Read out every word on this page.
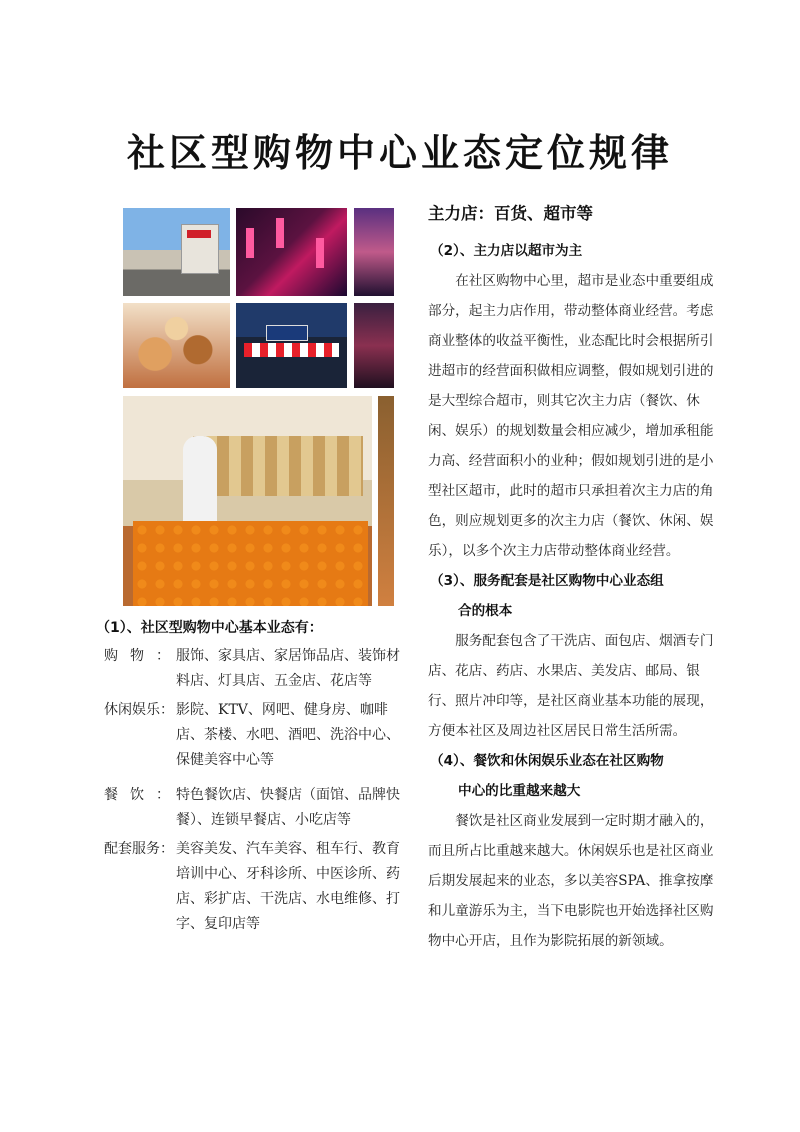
社区型购物中心业态定位规律
（1）、社区型购物中心基本业态有：
购物： 服饰、家具店、家居饰品店、装饰材料店、灯具店、五金店、花店等
休闲娱乐： 影院、KTV、网吧、健身房、咖啡店、茶楼、水吧、酒吧、洗浴中心、保健美容中心等
餐饮： 特色餐饮店、快餐店（面馆、品牌快餐）、连锁早餐店、小吃店等
配套服务： 美容美发、汽车美容、租车行、教育培训中心、牙科诊所、中医诊所、药店、彩扩店、干洗店、水电维修、打字、复印店等
主力店：百货、超市等
（2）、主力店以超市为主
在社区购物中心里，超市是业态中重要组成部分，起主力店作用，带动整体商业经营。考虑商业整体的收益平衡性，业态配比时会根据所引进超市的经营面积做相应调整，假如规划引进的是大型综合超市，则其它次主力店（餐饮、休闲、娱乐）的规划数量会相应减少，增加承租能力高、经营面积小的业种；假如规划引进的是小型社区超市，此时的超市只承担着次主力店的角色，则应规划更多的次主力店（餐饮、休闲、娱乐），以多个次主力店带动整体商业经营。
（3）、服务配套是社区购物中心业态组
合的根本
服务配套包含了干洗店、面包店、烟酒专门店、花店、药店、水果店、美发店、邮局、银行、照片冲印等，是社区商业基本功能的展现，方便本社区及周边社区居民日常生活所需。
（4）、餐饮和休闲娱乐业态在社区购物
中心的比重越来越大
餐饮是社区商业发展到一定时期才融入的，而且所占比重越来越大。休闲娱乐也是社区商业后期发展起来的业态，多以美容SPA、推拿按摩和儿童游乐为主，当下电影院也开始选择社区购物中心开店，且作为影院拓展的新领域。
